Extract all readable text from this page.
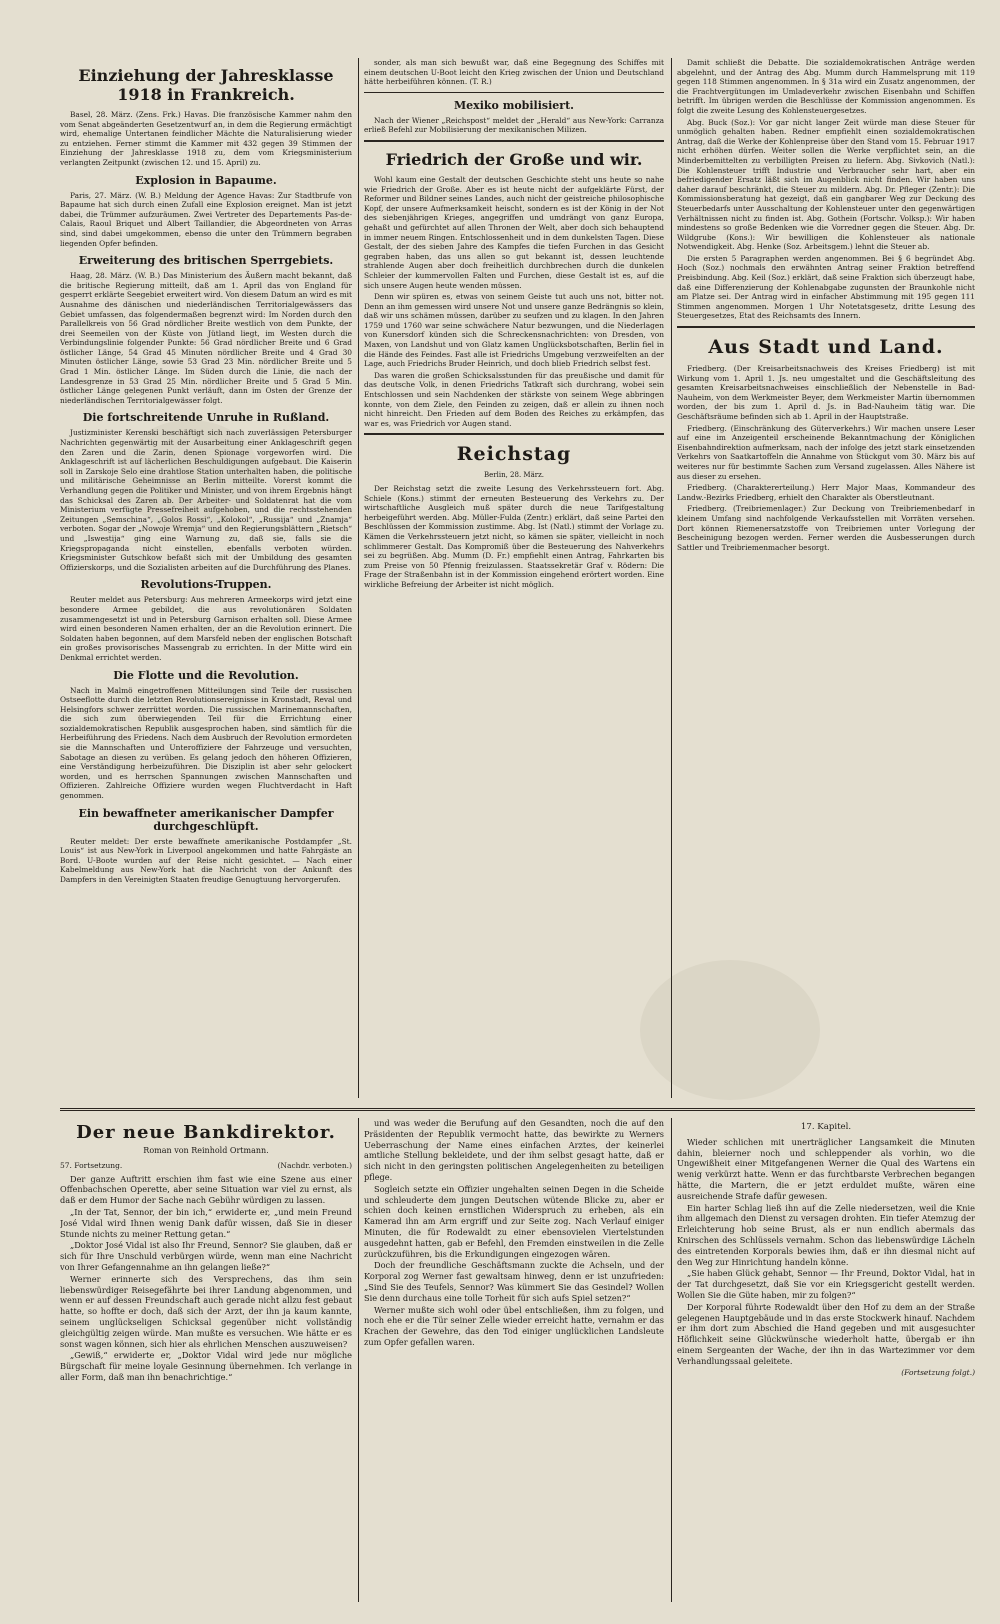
Einziehung der Jahresklasse 1918 in Frankreich.

Basel, 28. März. (Zens. Frk.) Havas. Die französische Kammer nahm den vom Senat abgeänderten Gesetzentwurf an, in dem die Regierung ermächtigt wird, ehemalige Untertanen feindlicher Mächte die Naturalisierung wieder zu entziehen. Ferner stimmt die Kammer mit 432 gegen 39 Stimmen der Einziehung der Jahresklasse 1918 zu, dem vom Kriegsministerium verlangten Zeitpunkt (zwischen 12. und 15. April) zu.

Explosion in Bapaume.

Paris, 27. März. (W. B.) Meldung der Agence Havas: Zur Stadtbrufe von Bapaume hat sich durch einen Zufall eine Explosion ereignet. Man ist jetzt dabei, die Trümmer aufzuräumen. Zwei Vertreter des Departements Pas-de-Calais, Raoul Briquet und Albert Taillandier, die Abgeordneten von Arras sind, sind dabei umgekommen, ebenso die unter den Trümmern begraben liegenden Opfer befinden.

Erweiterung des britischen Sperrgebiets.

Haag, 28. März. (W. B.) Das Ministerium des Äußern macht bekannt, daß die britische Regierung mitteilt, daß am 1. April das von England für gesperrt erklärte Seegebiet erweitert wird. Von diesem Datum an wird es mit Ausnahme des dänischen und niederländischen Territorialgewässers das Gebiet umfassen, das folgendermaßen begrenzt wird: Im Norden durch den Parallelkreis von 56 Grad nördlicher Breite westlich von dem Punkte, der drei Seemeilen von der Küste von Jütland liegt, im Westen durch die Verbindungslinie folgender Punkte: 56 Grad nördlicher Breite und 6 Grad östlicher Länge, 54 Grad 45 Minuten nördlicher Breite und 4 Grad 30 Minuten östlicher Länge, sowie 53 Grad 23 Min. nördlicher Breite und 5 Grad 1 Min. östlicher Länge. Im Süden durch die Linie, die nach der Landesgrenze in 53 Grad 25 Min. nördlicher Breite und 5 Grad 5 Min. östlicher Länge gelegenen Punkt verläuft, dann im Osten der Grenze der niederländischen Territorialgewässer folgt.

Die fortschreitende Unruhe in Rußland.

Justizminister Kerenski beschäftigt sich nach zuverlässigen Petersburger Nachrichten gegenwärtig mit der Ausarbeitung einer Anklageschrift gegen den Zaren und die Zarin, denen Spionage vorgeworfen wird. Die Anklageschrift ist auf lächerlichen Beschuldigungen aufgebaut. Die Kaiserin soll in Zarskoje Selo eine drahtlose Station unterhalten haben, die politische und militärische Geheimnisse an Berlin mitteilte. Vorerst kommt die Verhandlung gegen die Politiker und Minister, und von ihrem Ergebnis hängt das Schicksal des Zaren ab. Der Arbeiter- und Soldatenrat hat die vom Ministerium verfügte Pressefreiheit aufgehoben, und die rechtsstehenden Zeitungen „Semschina“, „Golos Rossi“, „Kolokol“, „Russija“ und „Znamja“ verboten. Sogar der „Nowoje Wremja“ und den Regierungsblättern „Rietsch“ und „Iswestija“ ging eine Warnung zu, daß sie, falls sie die Kriegspropaganda nicht einstellen, ebenfalls verboten würden. Kriegsminister Gutschkow befaßt sich mit der Umbildung des gesamten Offizierskorps, und die Sozialisten arbeiten auf die Durchführung des Planes.

Revolutions-Truppen.

Reuter meldet aus Petersburg: Aus mehreren Armeekorps wird jetzt eine besondere Armee gebildet, die aus revolutionären Soldaten zusammengesetzt ist und in Petersburg Garnison erhalten soll. Diese Armee wird einen besonderen Namen erhalten, der an die Revolution erinnert. Die Soldaten haben begonnen, auf dem Marsfeld neben der englischen Botschaft ein großes provisorisches Massengrab zu errichten. In der Mitte wird ein Denkmal errichtet werden.

Die Flotte und die Revolution.

Nach in Malmö eingetroffenen Mitteilungen sind Teile der russischen Ostseeflotte durch die letzten Revolutionsereignisse in Kronstadt, Reval und Helsingfors schwer zerrüttet worden. Die russischen Marinemannschaften, die sich zum überwiegenden Teil für die Errichtung einer sozialdemokratischen Republik ausgesprochen haben, sind sämtlich für die Herbeiführung des Friedens. Nach dem Ausbruch der Revolution ermordeten sie die Mannschaften und Unteroffiziere der Fahrzeuge und versuchten, Sabotage an diesen zu verüben. Es gelang jedoch den höheren Offizieren, eine Verständigung herbeizuführen. Die Disziplin ist aber sehr gelockert worden, und es herrschen Spannungen zwischen Mannschaften und Offizieren. Zahlreiche Offiziere wurden wegen Fluchtverdacht in Haft genommen.

Ein bewaffneter amerikanischer Dampfer durchgeschlüpft.

Reuter meldet: Der erste bewaffnete amerikanische Postdampfer „St. Louis“ ist aus New-York in Liverpool angekommen und hatte Fahrgäste an Bord. U-Boote wurden auf der Reise nicht gesichtet. — Nach einer Kabelmeldung aus New-York hat die Nachricht von der Ankunft des Dampfers in den Vereinigten Staaten freudige Genugtuung hervorgerufen.

sonder, als man sich bewußt war, daß eine Begegnung des Schiffes mit einem deutschen U-Boot leicht den Krieg zwischen der Union und Deutschland hätte herbeiführen können. (T. R.)

Mexiko mobilisiert.

Nach der Wiener „Reichspost“ meldet der „Herald“ aus New-York: Carranza erließ Befehl zur Mobilisierung der mexikanischen Milizen.

Friedrich der Große und wir.

Wohl kaum eine Gestalt der deutschen Geschichte steht uns heute so nahe wie Friedrich der Große. Aber es ist heute nicht der aufgeklärte Fürst, der Reformer und Bildner seines Landes, auch nicht der geistreiche philosophische Kopf, der unsere Aufmerksamkeit heischt, sondern es ist der König in der Not des siebenjährigen Krieges, angegriffen und umdrängt von ganz Europa, gehaßt und gefürchtet auf allen Thronen der Welt, aber doch sich behauptend in immer neuem Ringen. Entschlossenheit und in dem dunkelsten Tagen. Diese Gestalt, der des sieben Jahre des Kampfes die tiefen Furchen in das Gesicht gegraben haben, das uns allen so gut bekannt ist, dessen leuchtende strahlende Augen aber doch freiheitlich durchbrechen durch die dunkelen Schleier der kummervollen Falten und Furchen, diese Gestalt ist es, auf die sich unsere Augen heute wenden müssen.

Denn wir spüren es, etwas von seinem Geiste tut auch uns not, bitter not. Denn an ihm gemessen wird unsere Not und unsere ganze Bedrängnis so klein, daß wir uns schämen müssen, darüber zu seufzen und zu klagen. In den Jahren 1759 und 1760 war seine schwächere Natur bezwungen, und die Niederlagen von Kunersdorf künden sich die Schreckensnachrichten: von Dresden, von Maxen, von Landshut und von Glatz kamen Unglücksbotschaften, Berlin fiel in die Hände des Feindes. Fast alle ist Friedrichs Umgebung verzweifelten an der Lage, auch Friedrichs Bruder Heinrich, und doch blieb Friedrich selbst fest.

Das waren die großen Schicksalsstunden für das preußische und damit für das deutsche Volk, in denen Friedrichs Tatkraft sich durchrang, wobei sein Entschlossen und sein Nachdenken der stärkste von seinem Wege abbringen konnte, von dem Ziele, den Feinden zu zeigen, daß er allein zu ihnen noch nicht hinreicht. Den Frieden auf dem Boden des Reiches zu erkämpfen, das war es, was Friedrich vor Augen stand.

Reichstag
Berlin, 28. März.

Der Reichstag setzt die zweite Lesung des Verkehrssteuern fort. Abg. Schiele (Kons.) stimmt der erneuten Besteuerung des Verkehrs zu. Der wirtschaftliche Ausgleich muß später durch die neue Tarifgestaltung herbeigeführt werden. Abg. Müller-Fulda (Zentr.) erklärt, daß seine Partei den Beschlüssen der Kommission zustimme. Abg. Ist (Natl.) stimmt der Vorlage zu. Kämen die Verkehrssteuern jetzt nicht, so kämen sie später, vielleicht in noch schlimmerer Gestalt. Das Kompromiß über die Besteuerung des Nahverkehrs sei zu begrüßen. Abg. Mumm (D. Fr.) empfiehlt einen Antrag, Fahrkarten bis zum Preise von 50 Pfennig freizulassen. Staatssekretär Graf v. Rödern: Die Frage der Straßenbahn ist in der Kommission eingehend erörtert worden. Eine wirkliche Befreiung der Arbeiter ist nicht möglich.

Damit schließt die Debatte. Die sozialdemokratischen Anträge werden abgelehnt, und der Antrag des Abg. Mumm durch Hammelsprung mit 119 gegen 118 Stimmen angenommen. In § 31a wird ein Zusatz angenommen, der die Frachtvergütungen im Umladeverkehr zwischen Eisenbahn und Schiffen betrifft. Im übrigen werden die Beschlüsse der Kommission angenommen. Es folgt die zweite Lesung des Kohlensteuergesetzes.

Abg. Buck (Soz.): Vor gar nicht langer Zeit würde man diese Steuer für unmöglich gehalten haben. Redner empfiehlt einen sozialdemokratischen Antrag, daß die Werke der Kohlenpreise über den Stand vom 15. Februar 1917 nicht erhöhen dürfen. Weiter sollen die Werke verpflichtet sein, an die Minderbemittelten zu verbilligten Preisen zu liefern. Abg. Sivkovich (Natl.): Die Kohlensteuer trifft Industrie und Verbraucher sehr hart, aber ein befriedigender Ersatz läßt sich im Augenblick nicht finden. Wir haben uns daher darauf beschränkt, die Steuer zu mildern. Abg. Dr. Pfleger (Zentr.): Die Kommissionsberatung hat gezeigt, daß ein gangbarer Weg zur Deckung des Steuerbedarfs unter Ausschaltung der Kohlensteuer unter den gegenwärtigen Verhältnissen nicht zu finden ist. Abg. Gothein (Fortschr. Volksp.): Wir haben mindestens so große Bedenken wie die Vorredner gegen die Steuer. Abg. Dr. Wildgrube (Kons.): Wir bewilligen die Kohlensteuer als nationale Notwendigkeit. Abg. Henke (Soz. Arbeitsgem.) lehnt die Steuer ab.

Die ersten 5 Paragraphen werden angenommen. Bei § 6 begründet Abg. Hoch (Soz.) nochmals den erwähnten Antrag seiner Fraktion betreffend Preisbindung. Abg. Keil (Soz.) erklärt, daß seine Fraktion sich überzeugt habe, daß eine Differenzierung der Kohlenabgabe zugunsten der Braunkohle nicht am Platze sei. Der Antrag wird in einfacher Abstimmung mit 195 gegen 111 Stimmen angenommen. Morgen 1 Uhr Notetatsgesetz, dritte Lesung des Steuergesetzes, Etat des Reichsamts des Innern.

Aus Stadt und Land.

Friedberg. (Der Kreisarbeitsnachweis des Kreises Friedberg) ist mit Wirkung vom 1. April 1. Js. neu umgestaltet und die Geschäftsleitung des gesamten Kreisarbeitsnachweises einschließlich der Nebenstelle in Bad-Nauheim, von dem Werkmeister Beyer, dem Werkmeister Martin übernommen worden, der bis zum 1. April d. Js. in Bad-Nauheim tätig war. Die Geschäftsräume befinden sich ab 1. April in der Hauptstraße.

Friedberg. (Einschränkung des Güterverkehrs.) Wir machen unsere Leser auf eine im Anzeigenteil erscheinende Bekanntmachung der Königlichen Eisenbahndirektion aufmerksam, nach der infolge des jetzt stark einsetzenden Verkehrs von Saatkartoffeln die Annahme von Stückgut vom 30. März bis auf weiteres nur für bestimmte Sachen zum Versand zugelassen. Alles Nähere ist aus dieser zu ersehen.

Friedberg. (Charaktererteilung.) Herr Major Maas, Kommandeur des Landw.-Bezirks Friedberg, erhielt den Charakter als Oberstleutnant.

Friedberg. (Treibriemenlager.) Zur Deckung von Treibriemenbedarf in kleinem Umfang sind nachfolgende Verkaufsstellen mit Vorräten versehen. Dort können Riemenersatzstoffe von Treibriemen unter Vorlegung der Bescheinigung bezogen werden. Ferner werden die Ausbesserungen durch Sattler und Treibriemenmacher besorgt.

Der neue Bankdirektor.
Roman von Reinhold Ortmann.
57. Fortsetzung.	(Nachdr. verboten.)

Der ganze Auftritt erschien ihm fast wie eine Szene aus einer Offenbachschen Operette, aber seine Situation war viel zu ernst, als daß er dem Humor der Sache nach Gebühr würdigen zu lassen.

„In der Tat, Sennor, der bin ich,“ erwiderte er, „und mein Freund José Vidal wird Ihnen wenig Dank dafür wissen, daß Sie in dieser Stunde nichts zu meiner Rettung getan.“

„Doktor José Vidal ist also Ihr Freund, Sennor? Sie glauben, daß er sich für Ihre Unschuld verbürgen würde, wenn man eine Nachricht von Ihrer Gefangennahme an ihn gelangen ließe?“

Werner erinnerte sich des Versprechens, das ihm sein liebenswürdiger Reisegefährte bei ihrer Landung abgenommen, und wenn er auf dessen Freundschaft auch gerade nicht allzu fest gebaut hatte, so hoffte er doch, daß sich der Arzt, der ihn ja kaum kannte, seinem unglückseligen Schicksal gegenüber nicht vollständig gleichgültig zeigen würde. Man mußte es versuchen. Wie hätte er es sonst wagen können, sich hier als ehrlichen Menschen auszuweisen?

„Gewiß,“ erwiderte er, „Doktor Vidal wird jede nur mögliche Bürgschaft für meine loyale Gesinnung übernehmen. Ich verlange in aller Form, daß man ihn benachrichtige.“

und was weder die Berufung auf den Gesandten, noch die auf den Präsidenten der Republik vermocht hatte, das bewirkte zu Werners Ueberraschung der Name eines einfachen Arztes, der keinerlei amtliche Stellung bekleidete, und der ihm selbst gesagt hatte, daß er sich nicht in den geringsten politischen Angelegenheiten zu beteiligen pflege.

Sogleich setzte ein Offizier ungehalten seinen Degen in die Scheide und schleuderte dem jungen Deutschen wütende Blicke zu, aber er schien doch keinen ernstlichen Widerspruch zu erheben, als ein Kamerad ihn am Arm ergriff und zur Seite zog. Nach Verlauf einiger Minuten, die für Rodewaldt zu einer ebensovielen Viertelstunden ausgedehnt hatten, gab er Befehl, den Fremden einstweilen in die Zelle zurückzuführen, bis die Erkundigungen eingezogen wären.

Doch der freundliche Geschäftsmann zuckte die Achseln, und der Korporal zog Werner fast gewaltsam hinweg, denn er ist unzufrieden: „Sind Sie des Teufels, Sennor? Was kümmert Sie das Gesindel? Wollen Sie denn durchaus eine tolle Torheit für sich aufs Spiel setzen?“

Werner mußte sich wohl oder übel entschließen, ihm zu folgen, und noch ehe er die Tür seiner Zelle wieder erreicht hatte, vernahm er das Krachen der Gewehre, das den Tod einiger unglücklichen Landsleute zum Opfer gefallen waren.

17. Kapitel.

Wieder schlichen mit unerträglicher Langsamkeit die Minuten dahin, bleierner noch und schleppender als vorhin, wo die Ungewißheit einer Mitgefangenen Werner die Qual des Wartens ein wenig verkürzt hatte. Wenn er das furchtbarste Verbrechen begangen hätte, die Martern, die er jetzt erduldet mußte, wären eine ausreichende Strafe dafür gewesen.

Ein harter Schlag ließ ihn auf die Zelle niedersetzen, weil die Knie ihm allgemach den Dienst zu versagen drohten. Ein tiefer Atemzug der Erleichterung hob seine Brust, als er nun endlich abermals das Knirschen des Schlüssels vernahm. Schon das liebenswürdige Lächeln des eintretenden Korporals bewies ihm, daß er ihn diesmal nicht auf den Weg zur Hinrichtung handeln könne.

„Sie haben Glück gehabt, Sennor — Ihr Freund, Doktor Vidal, hat in der Tat durchgesetzt, daß Sie vor ein Kriegsgericht gestellt werden. Wollen Sie die Güte haben, mir zu folgen?“

Der Korporal führte Rodewaldt über den Hof zu dem an der Straße gelegenen Hauptgebäude und in das erste Stockwerk hinauf. Nachdem er ihm dort zum Abschied die Hand gegeben und mit ausgesuchter Höflichkeit seine Glückwünsche wiederholt hatte, übergab er ihn einem Sergeanten der Wache, der ihn in das Wartezimmer vor dem Verhandlungssaal geleitete.

(Fortsetzung folgt.)
